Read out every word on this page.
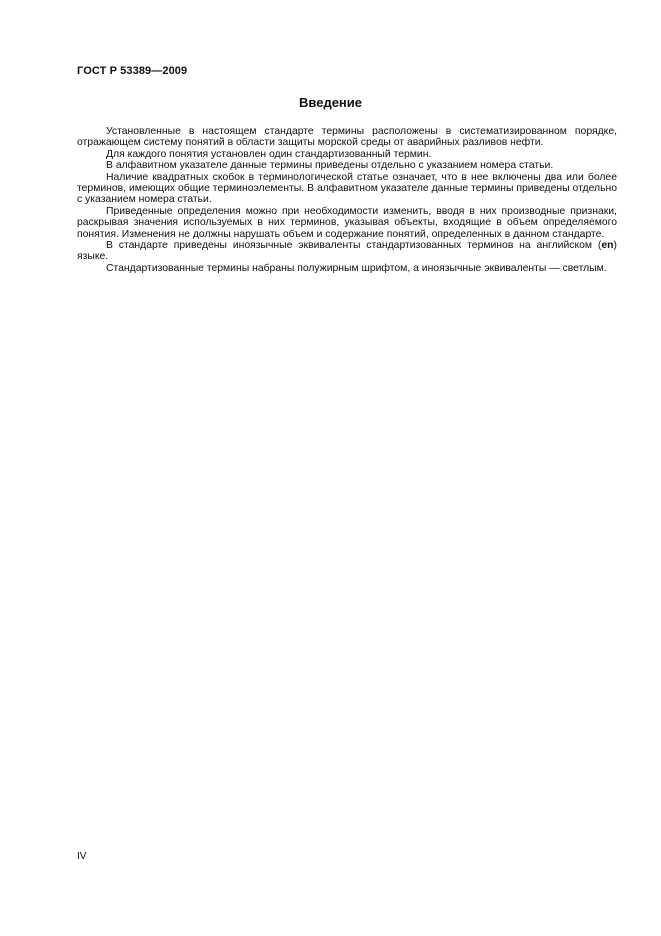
ГОСТ Р 53389—2009
Введение

Установленные в настоящем стандарте термины расположены в систематизированном порядке, отражающем систему понятий в области защиты морской среды от аварийных разливов нефти.

Для каждого понятия установлен один стандартизованный термин.

В алфавитном указателе данные термины приведены отдельно с указанием номера статьи.

Наличие квадратных скобок в терминологической статье означает, что в нее включены два или более терминов, имеющих общие терминоэлементы. В алфавитном указателе данные термины приведены отдельно с указанием номера статьи.

Приведенные определения можно при необходимости изменить, вводя в них производные признаки, раскрывая значения используемых в них терминов, указывая объекты, входящие в объем определяемого понятия. Изменения не должны нарушать объем и содержание понятий, определенных в данном стандарте.

В стандарте приведены иноязычные эквиваленты стандартизованных терминов на английском (en) языке.

Стандартизованные термины набраны полужирным шрифтом, а иноязычные эквиваленты — светлым.

IV
